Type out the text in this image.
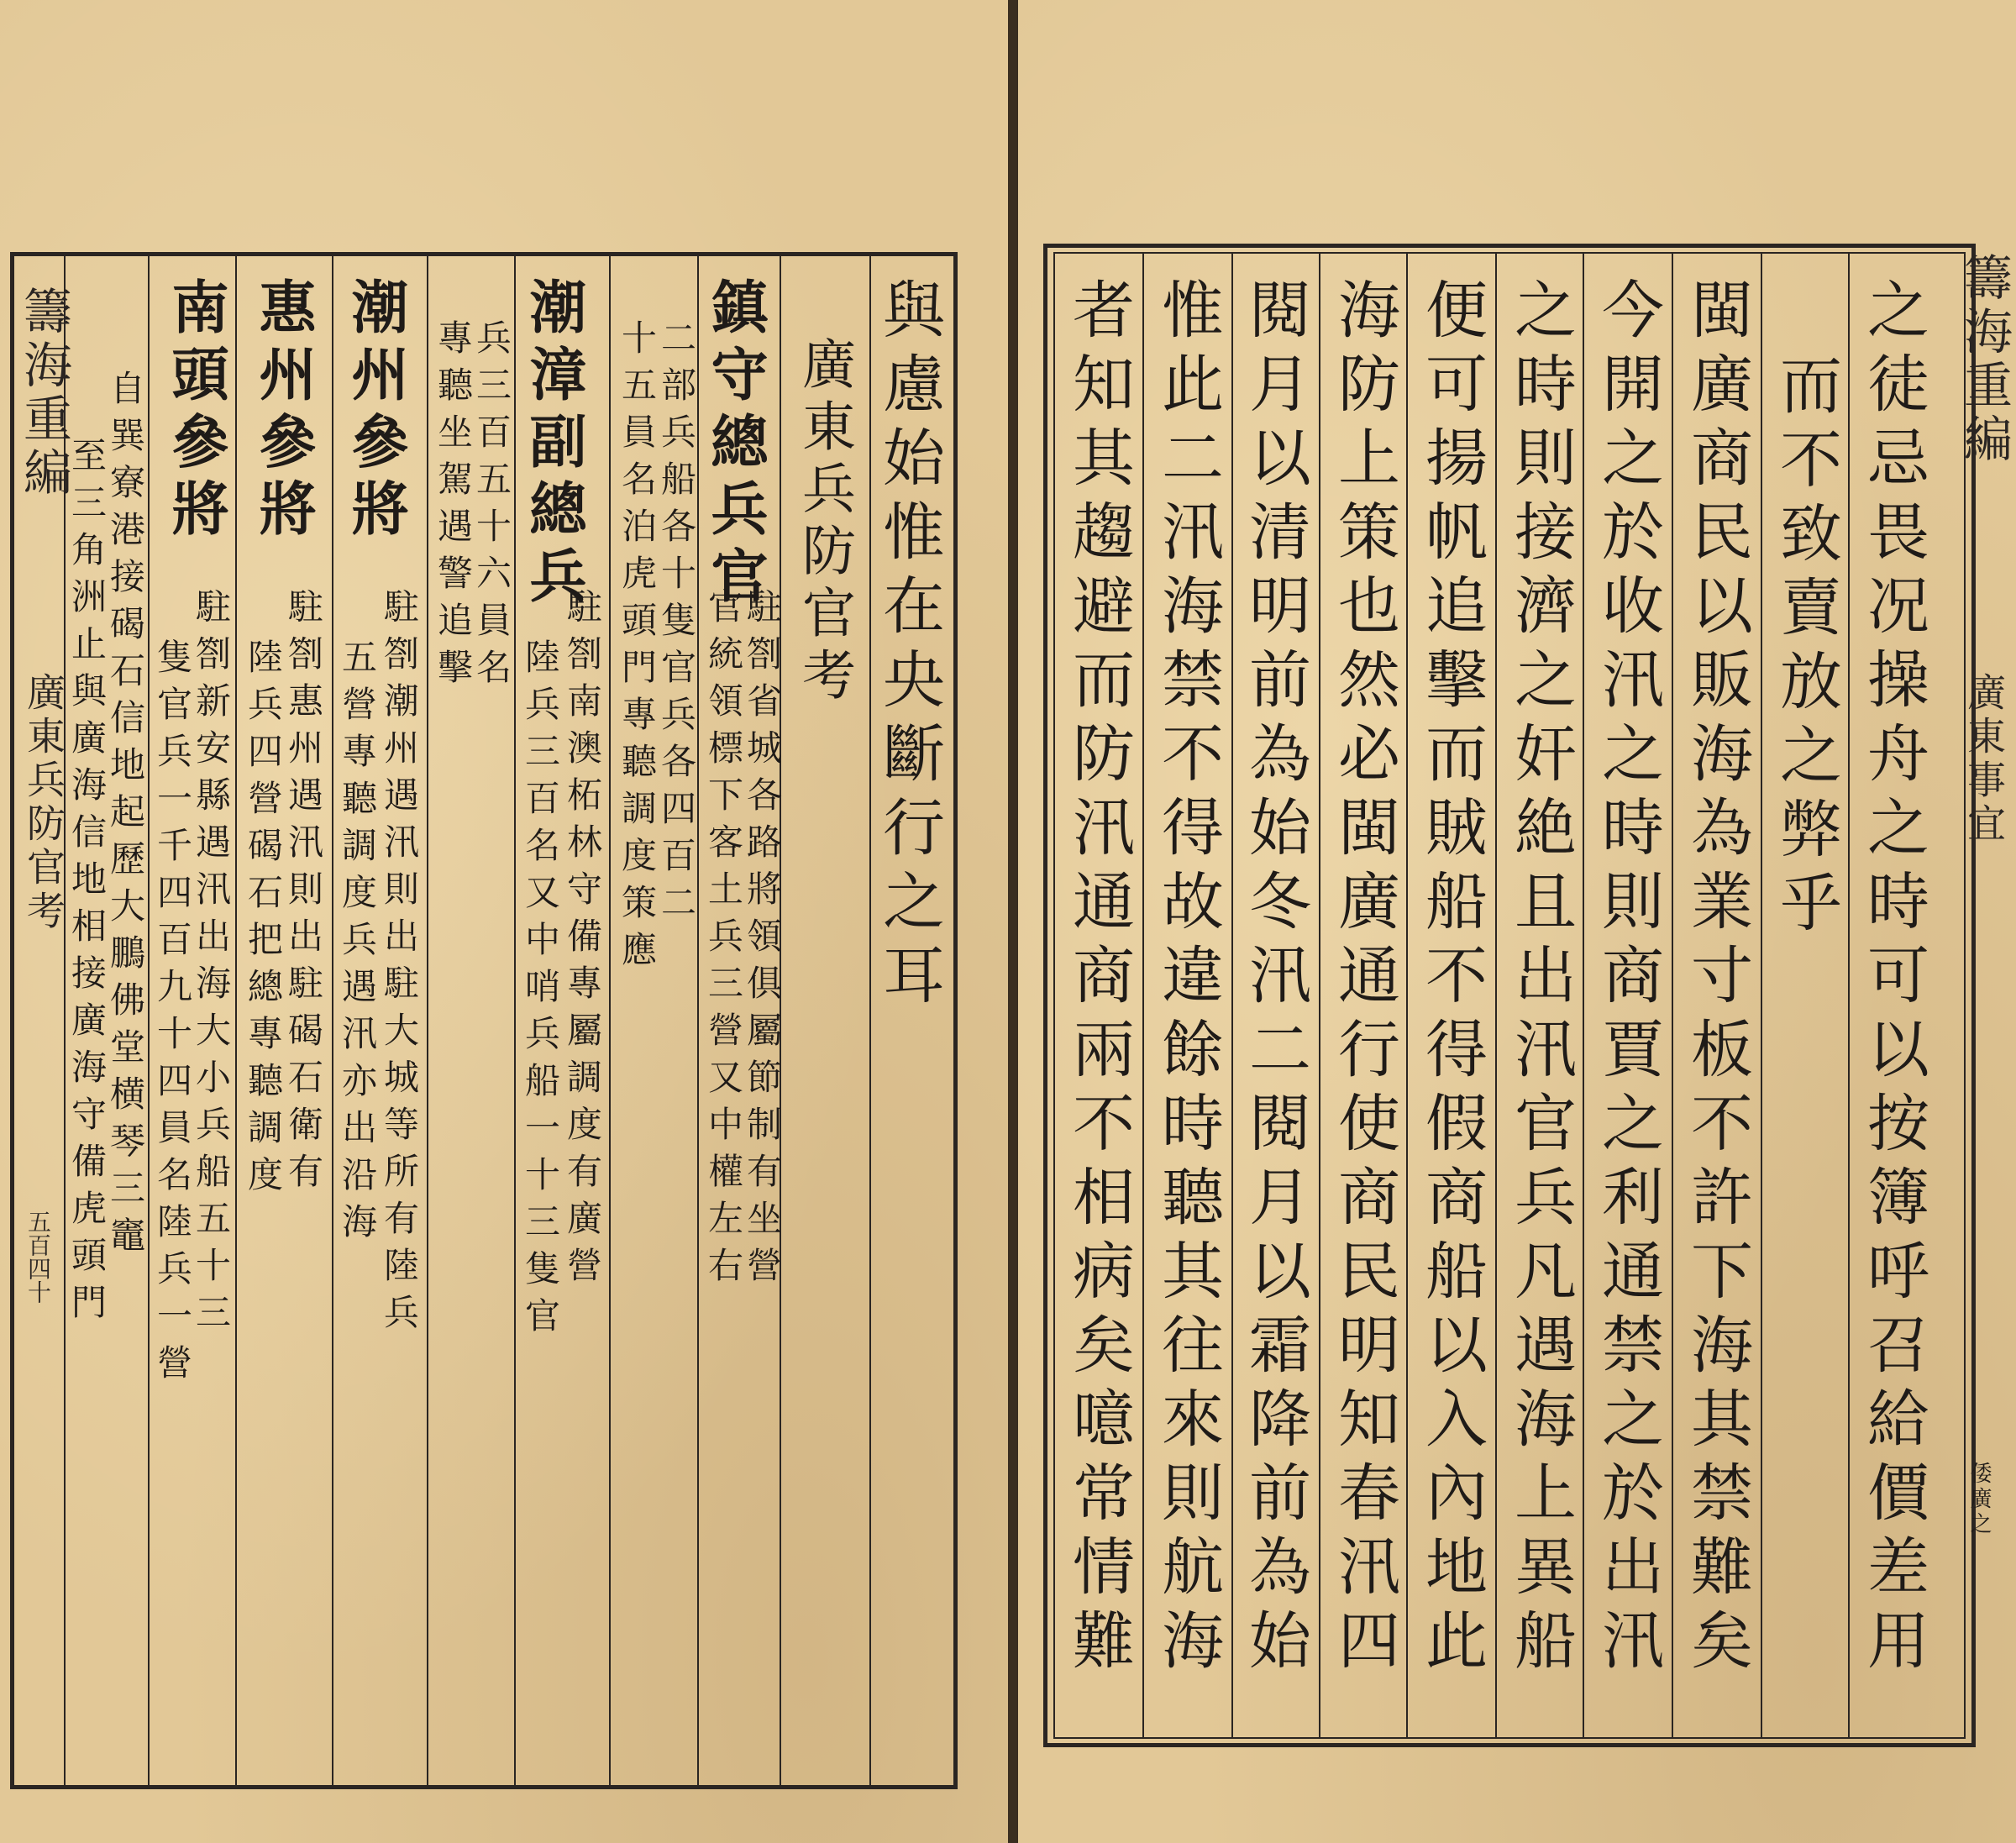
籌海重編
廣東兵防官考
五百四十 至三角洲止與廣海信地相接廣海守備虎頭門
自巽寮港接碣石信地起歷大鵬佛堂横琴三竈 南頭參將
隻官兵一千四百九十四員名陸兵一營
駐劄新安縣遇汛出海大小兵船五十三
惠州參將
陸兵四營碣石把總專聽調度 駐劄惠州遇汛則出駐碣石衛有
潮州參將
五營專聽調度兵遇汛亦出沿海 駐劄潮州遇汛則出駐大城等所有陸兵
專聽坐駕遇警追擊
兵三百五十六員名 潮漳副總兵
陸兵三百名又中哨兵船一十三隻官 駐劄南澳柘林守備專屬調度有廣營 十五員名泊虎頭門專聽調度策應
二部兵船各十隻官兵各四百二 鎮守總兵官
官統領標下客土兵三營又中權左右
駐劄省城各路將領俱屬節制有坐營
廣東兵防官考 與慮始惟在央斷行之耳 者知其趨避而防汛通商兩不相病矣噫常情難 惟此二汛海禁不得故違餘時聽其往來則航海 閱月以清明前為始冬汛二閱月以霜降前為始 海防上策也然必閩廣通行使商民明知春汛四 便可揚帆追擊而賊船不得假商船以入內地此 之時則接濟之奸絶且出汛官兵凡遇海上異船 今開之於收汛之時則商賈之利通禁之於出汛 閩廣商民以販海為業寸板不許下海其禁難矣 而不致賣放之弊乎 之徒忌畏况操舟之時可以按簿呼召給價差用 籌海重編
廣東事宜
倭廣之
